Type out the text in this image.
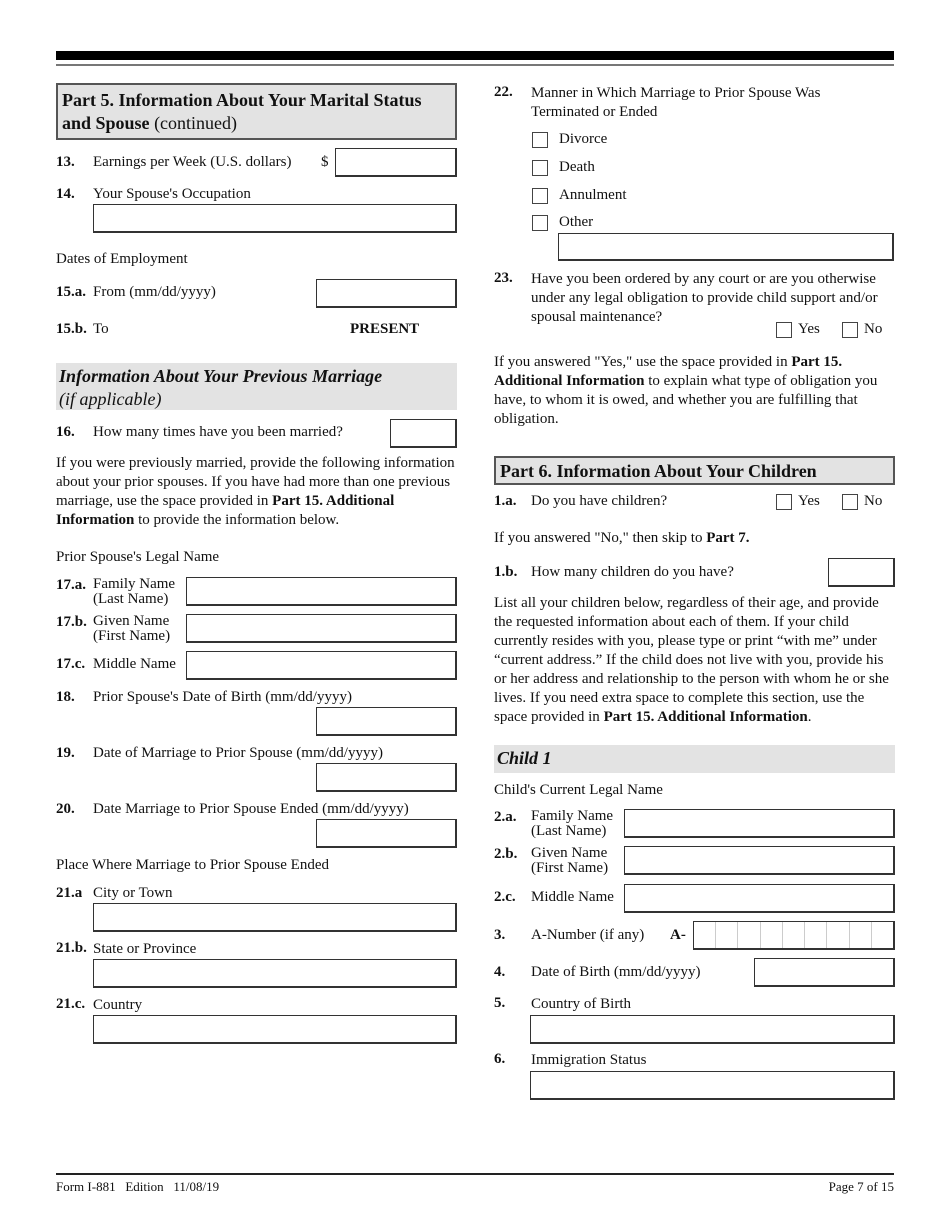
Part 5. Information About Your Marital Status
and Spouse (continued)
13. Earnings per Week (U.S. dollars) $
14. Your Spouse's Occupation
Dates of Employment
15.a. From (mm/dd/yyyy)
15.b. To	PRESENT
Information About Your Previous Marriage
(if applicable)
16. How many times have you been married?
If you were previously married, provide the following information about your prior spouses. If you have had more than one previous marriage, use the space provided in Part 15. Additional Information to provide the information below.
Prior Spouse's Legal Name
17.a. Family Name
(Last Name)
17.b. Given Name
(First Name)
17.c. Middle Name
18. Prior Spouse's Date of Birth (mm/dd/yyyy)
19. Date of Marriage to Prior Spouse (mm/dd/yyyy)
20. Date Marriage to Prior Spouse Ended (mm/dd/yyyy)
Place Where Marriage to Prior Spouse Ended
21.a City or Town
21.b. State or Province
21.c. Country
22. Manner in Which Marriage to Prior Spouse Was
Terminated or Ended
Divorce
Death
Annulment
Other
23. Have you been ordered by any court or are you otherwise
under any legal obligation to provide child support and/or
spousal maintenance?
Yes	No
If you answered "Yes," use the space provided in Part 15. Additional Information to explain what type of obligation you have, to whom it is owed, and whether you are fulfilling that obligation.
Part 6. Information About Your Children
1.a. Do you have children?	Yes	No
If you answered "No," then skip to Part 7.
1.b. How many children do you have?
List all your children below, regardless of their age, and provide the requested information about each of them. If your child currently resides with you, please type or print “with me” under “current address.” If the child does not live with you, provide his or her address and relationship to the person with whom he or she lives. If you need extra space to complete this section, use the space provided in Part 15. Additional Information.
Child 1
Child's Current Legal Name
2.a. Family Name
(Last Name)
2.b. Given Name
(First Name)
2.c. Middle Name
3. A-Number (if any) A-
4. Date of Birth (mm/dd/yyyy)
5. Country of Birth
6. Immigration Status
Form I-881   Edition   11/08/19	Page 7 of 15
